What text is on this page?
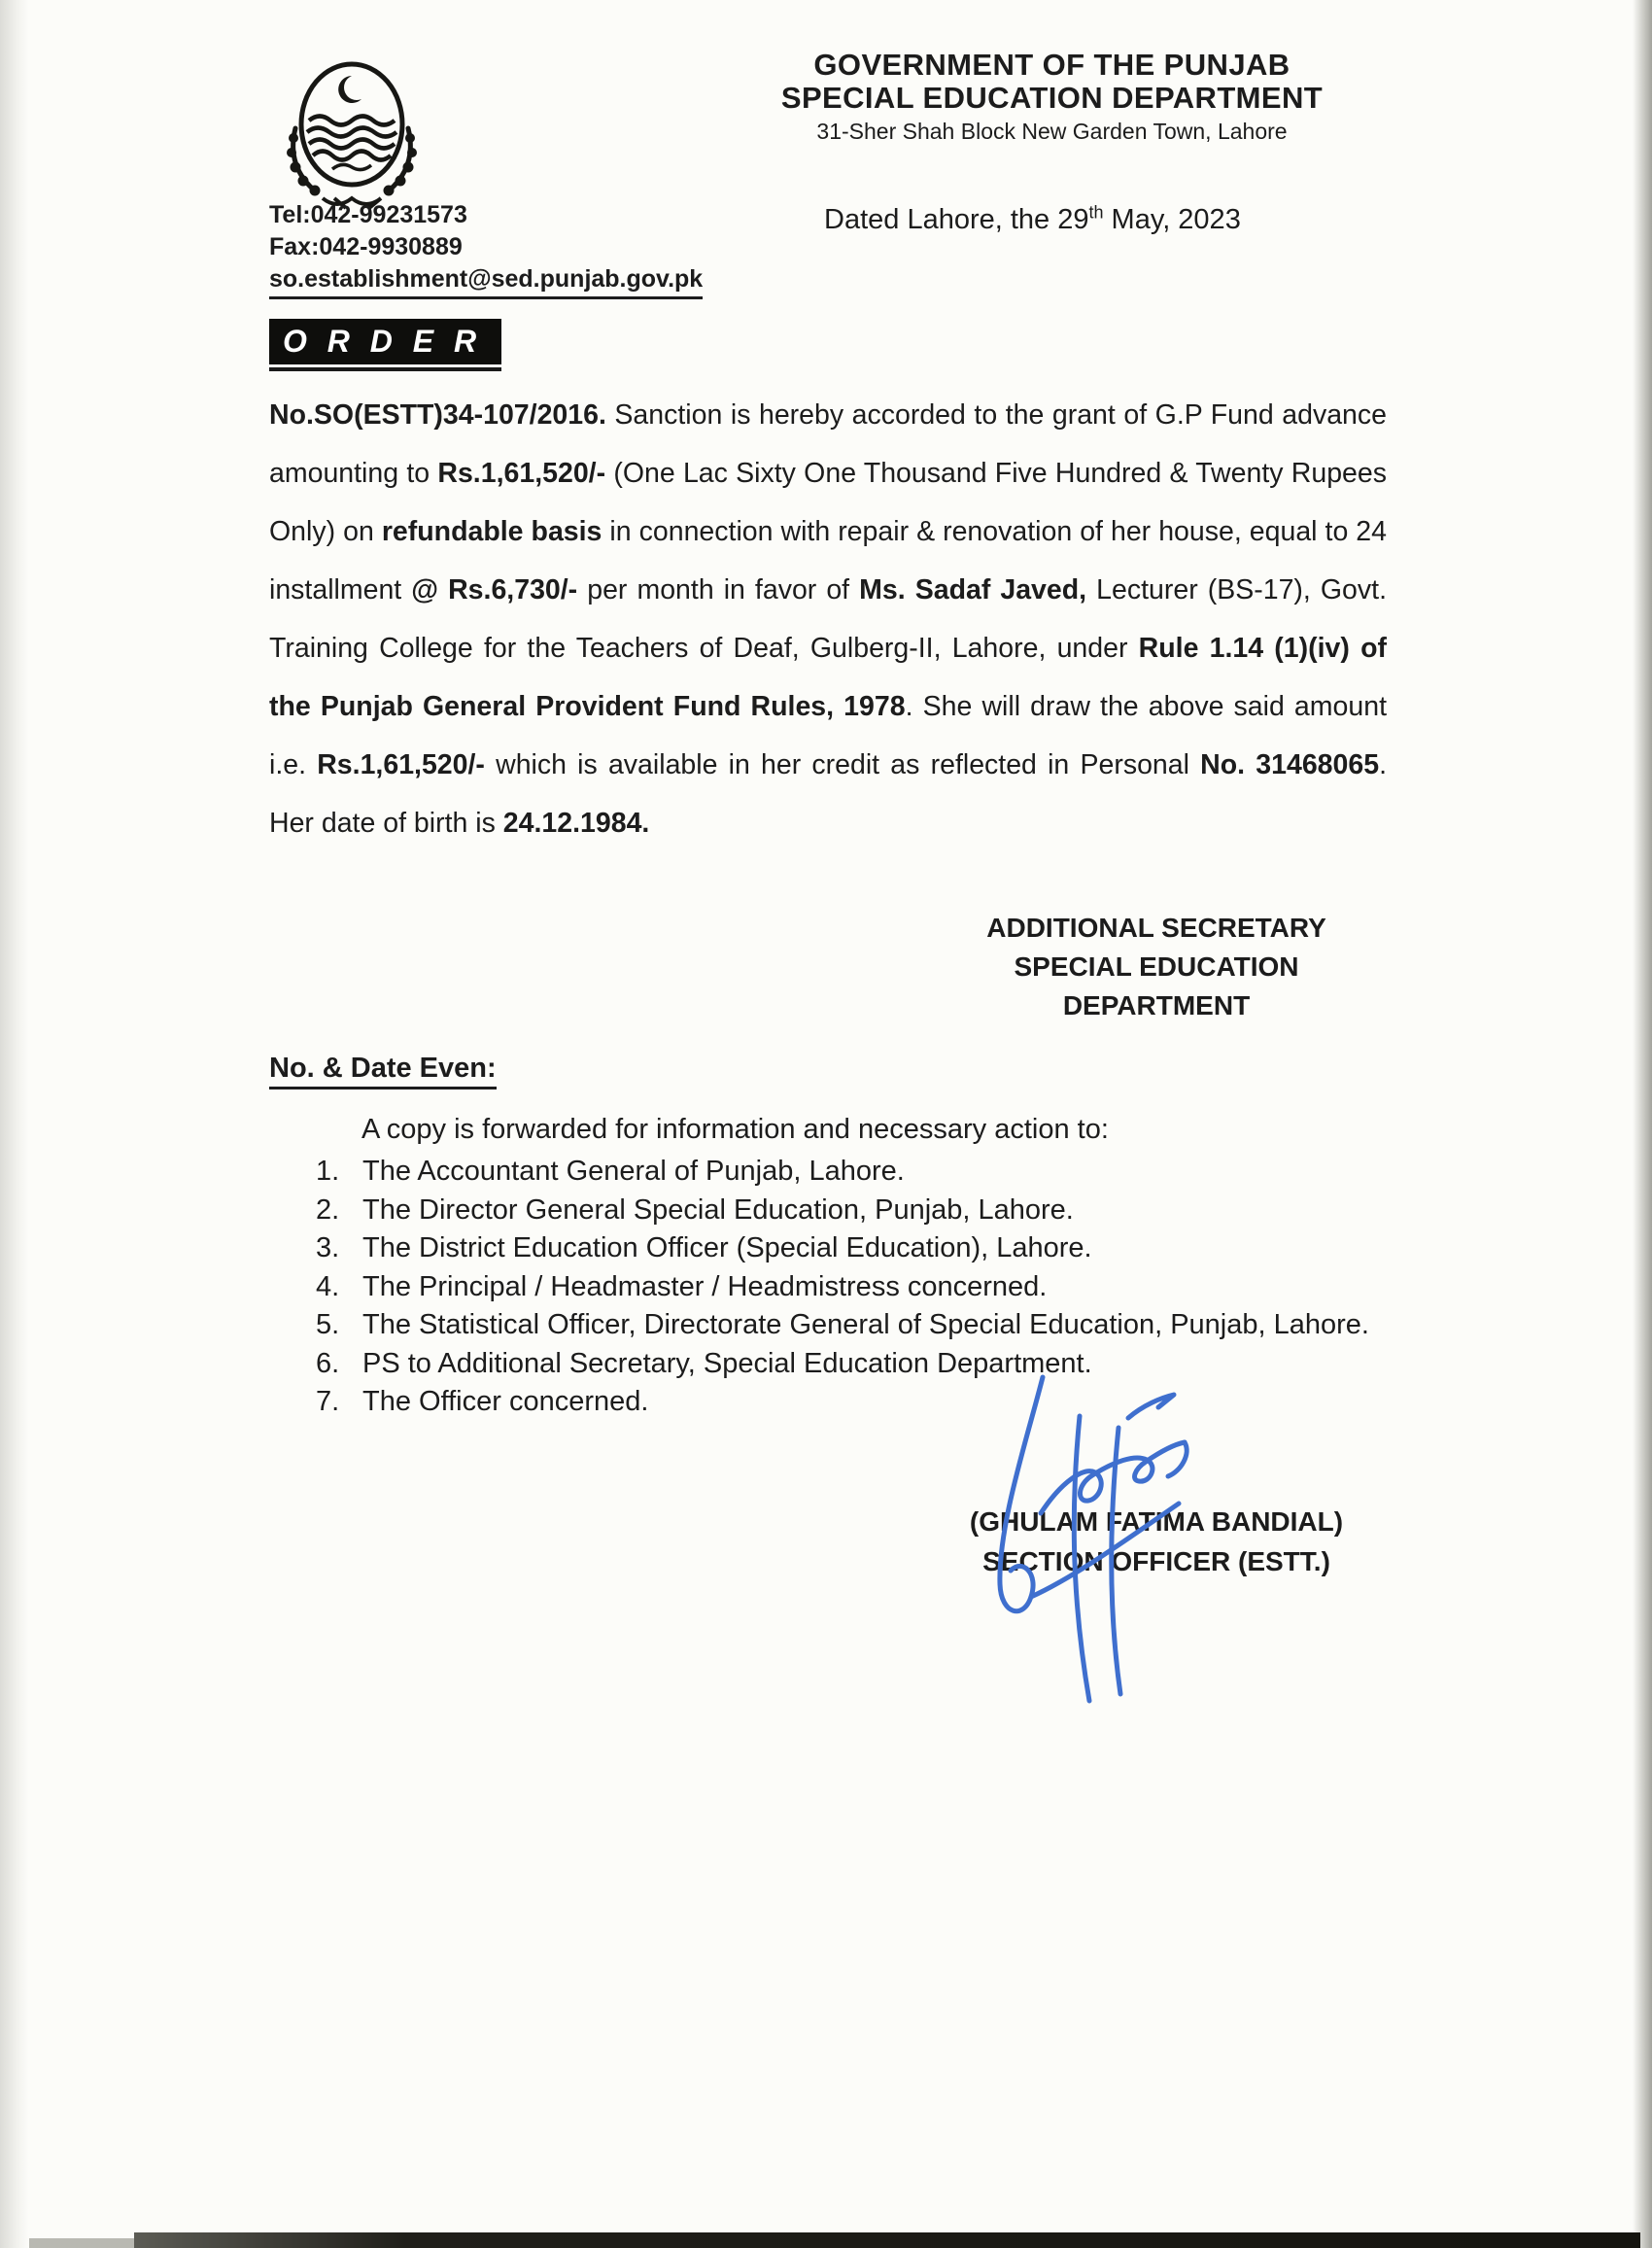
GOVERNMENT OF THE PUNJAB
SPECIAL EDUCATION DEPARTMENT
31-Sher Shah Block New Garden Town, Lahore
Tel:042-99231573
Fax:042-9930889
so.establishment@sed.punjab.gov.pk
Dated Lahore, the 29th May, 2023
O R D E R

No.SO(ESTT)34-107/2016. Sanction is hereby accorded to the grant of G.P Fund advance amounting to Rs.1,61,520/- (One Lac Sixty One Thousand Five Hundred & Twenty Rupees Only) on refundable basis in connection with repair & renovation of her house, equal to 24 installment @ Rs.6,730/- per month in favor of Ms. Sadaf Javed, Lecturer (BS-17), Govt. Training College for the Teachers of Deaf, Gulberg-II, Lahore, under Rule 1.14 (1)(iv) of the Punjab General Provident Fund Rules, 1978. She will draw the above said amount i.e. Rs.1,61,520/- which is available in her credit as reflected in Personal No. 31468065. Her date of birth is 24.12.1984.

ADDITIONAL SECRETARY
SPECIAL EDUCATION
DEPARTMENT
No. & Date Even:
A copy is forwarded for information and necessary action to:
1. The Accountant General of Punjab, Lahore.
2. The Director General Special Education, Punjab, Lahore.
3. The District Education Officer (Special Education), Lahore.
4. The Principal / Headmaster / Headmistress concerned.
5. The Statistical Officer, Directorate General of Special Education, Punjab, Lahore.
6. PS to Additional Secretary, Special Education Department.
7. The Officer concerned.
(GHULAM FATIMA BANDIAL)
SECTION OFFICER (ESTT.)
